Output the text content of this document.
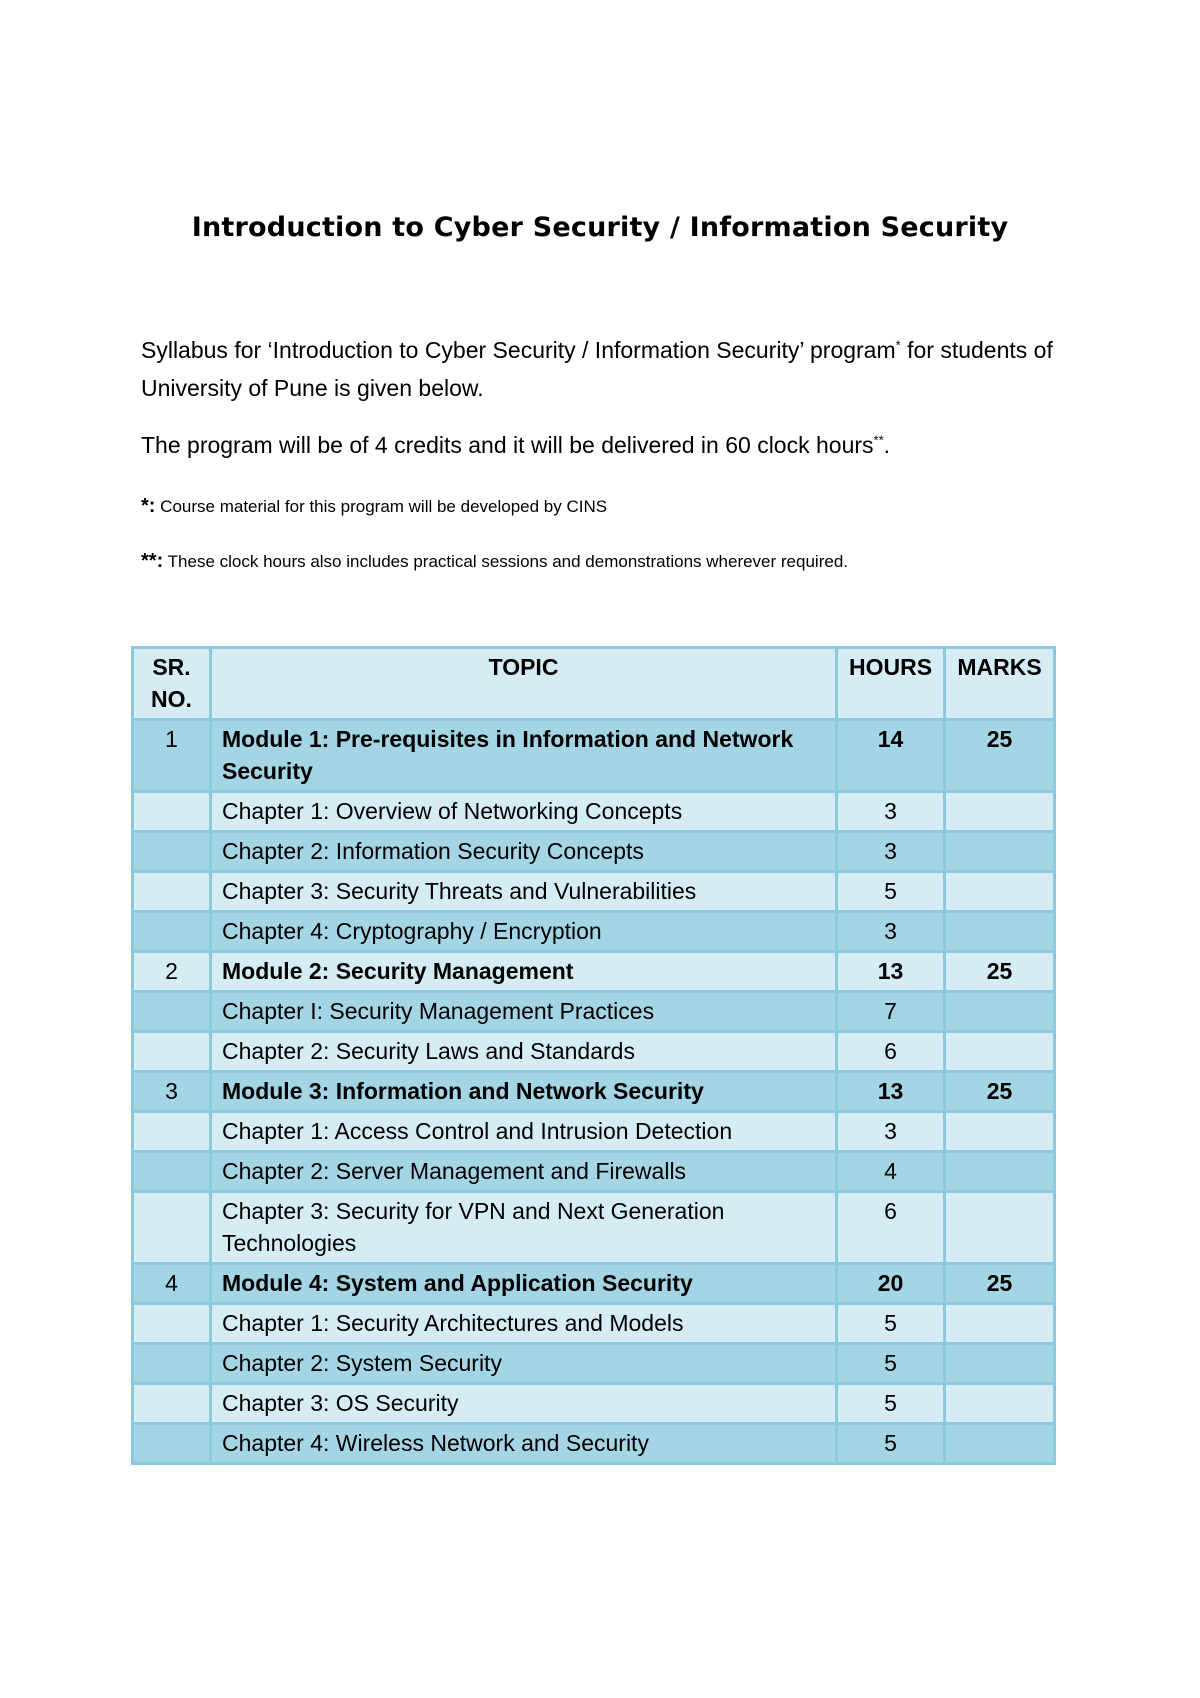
Introduction to Cyber Security / Information Security
Syllabus for ‘Introduction to Cyber Security / Information Security’ program* for students of University of Pune is given below.
The program will be of 4 credits and it will be delivered in 60 clock hours**.
*: Course material for this program will be developed by CINS
**: These clock hours also includes practical sessions and demonstrations wherever required.
SR. NO.	TOPIC	HOURS	MARKS
1	Module 1: Pre-requisites in Information and Network Security	14	25
	Chapter 1: Overview of Networking Concepts	3	
	Chapter 2: Information Security Concepts	3	
	Chapter 3: Security Threats and Vulnerabilities	5	
	Chapter 4: Cryptography / Encryption	3	
2	Module 2: Security Management	13	25
	Chapter I: Security Management Practices	7	
	Chapter 2: Security Laws and Standards	6	
3	Module 3: Information and Network Security	13	25
	Chapter 1: Access Control and Intrusion Detection	3	
	Chapter 2: Server Management and Firewalls	4	
	Chapter 3: Security for VPN and Next Generation Technologies	6	
4	Module 4: System and Application Security	20	25
	Chapter 1: Security Architectures and Models	5	
	Chapter 2: System Security	5	
	Chapter 3: OS Security	5	
	Chapter 4: Wireless Network and Security	5	
